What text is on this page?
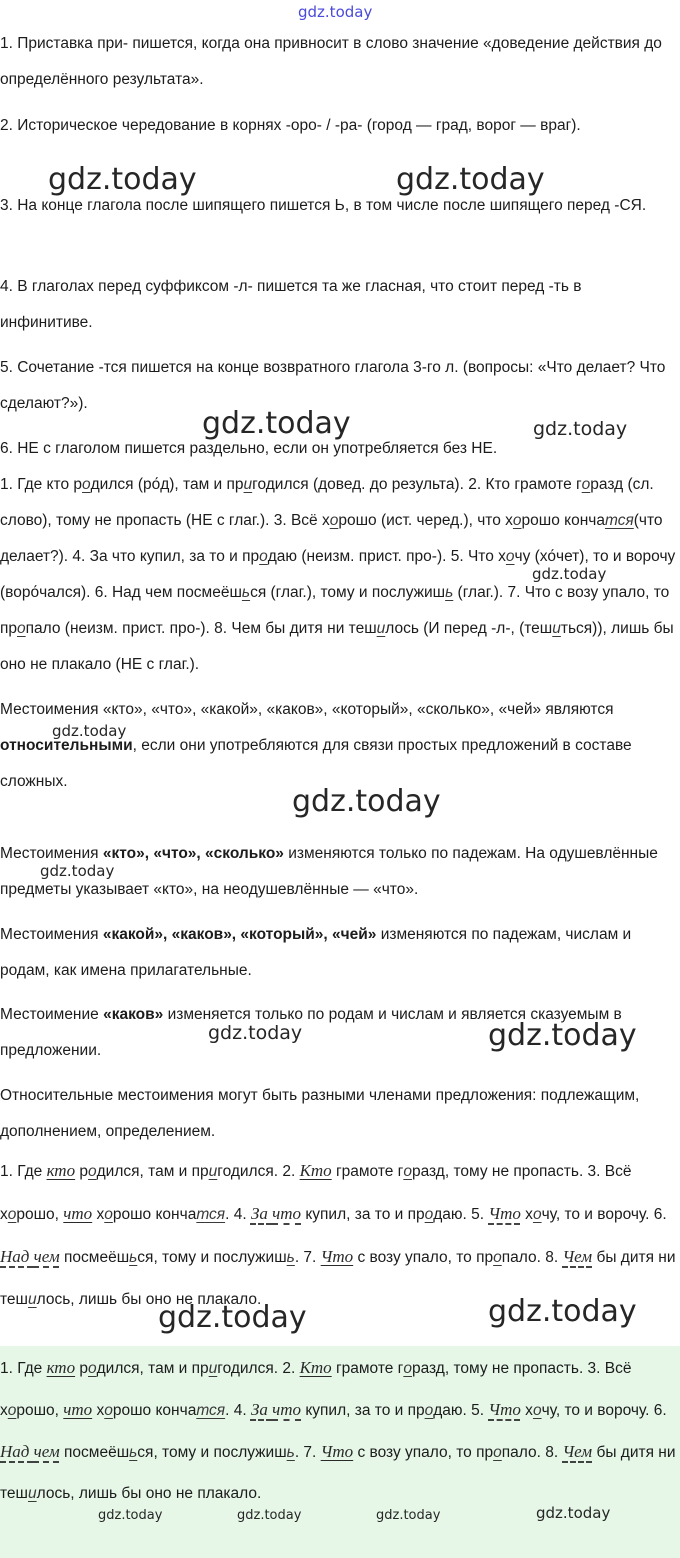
1. Приставка при- пишется, когда она привносит в слово значение «доведение действия до определённого результата».
2. Историческое чередование в корнях -оро- / -ра- (город — град, ворог — враг).
3. На конце глагола после шипящего пишется Ь, в том числе после шипящего перед -СЯ.
4. В глаголах перед суффиксом -л- пишется та же гласная, что стоит перед -ть в инфинитиве.
5. Сочетание -тся пишется на конце возвратного глагола 3-го л. (вопросы: «Что делает? Что сделают?»).
6. НЕ с глаголом пишется раздельно, если он употребляется без НЕ.
1. Где кто родился (ро́д), там и пригодился (довед. до результа). 2. Кто грамоте горазд (сл. слово), тому не пропасть (НЕ с глаг.). 3. Всё хорошо (ист. черед.), что хорошо кончатся(что делает?). 4. За что купил, за то и продаю (неизм. прист. про-). 5. Что хочу (хо́чет), то и ворочу (воро́чался). 6. Над чем посмеёшься (глаг.), тому и послужишь (глаг.). 7. Что с возу упало, то пропало (неизм. прист. про-). 8. Чем бы дитя ни тешилось (И перед -л-, (тешиться)), лишь бы оно не плакало (НЕ с глаг.).
Местоимения «кто», «что», «какой», «каков», «который», «сколько», «чей» являются относительными, если они употребляются для связи простых предложений в составе сложных.
Местоимения «кто», «что», «сколько» изменяются только по падежам. На одушевлённые предметы указывает «кто», на неодушевлённые — «что».
Местоимения «какой», «каков», «который», «чей» изменяются по падежам, числам и родам, как имена прилагательные.
Местоимение «каков» изменяется только по родам и числам и является сказуемым в предложении.
Относительные местоимения могут быть разными членами предложения: подлежащим, дополнением, определением.
1. Где кто родился, там и пригодился. 2. Кто грамоте горазд, тому не пропасть. 3. Всё хорошо, что хорошо кончатся. 4. За что купил, за то и продаю. 5. Что хочу, то и ворочу. 6. Над чем посмеёшься, тому и послужишь. 7. Что с возу упало, то пропало. 8. Чем бы дитя ни тешилось, лишь бы оно не плакало.
1. Где кто родился, там и пригодился. 2. Кто грамоте горазд, тому не пропасть. 3. Всё хорошо, что хорошо кончатся. 4. За что купил, за то и продаю. 5. Что хочу, то и ворочу. 6. Над чем посмеёшься, тому и послужишь. 7. Что с возу упало, то пропало. 8. Чем бы дитя ни тешилось, лишь бы оно не плакало.
gdz.today
gdz.today	gdz.today
gdz.today	gdz.today
gdz.today
gdz.today
gdz.today
gdz.today
gdz.today	gdz.today
gdz.today	gdz.today
gdz.today	gdz.today	gdz.today	gdz.today
